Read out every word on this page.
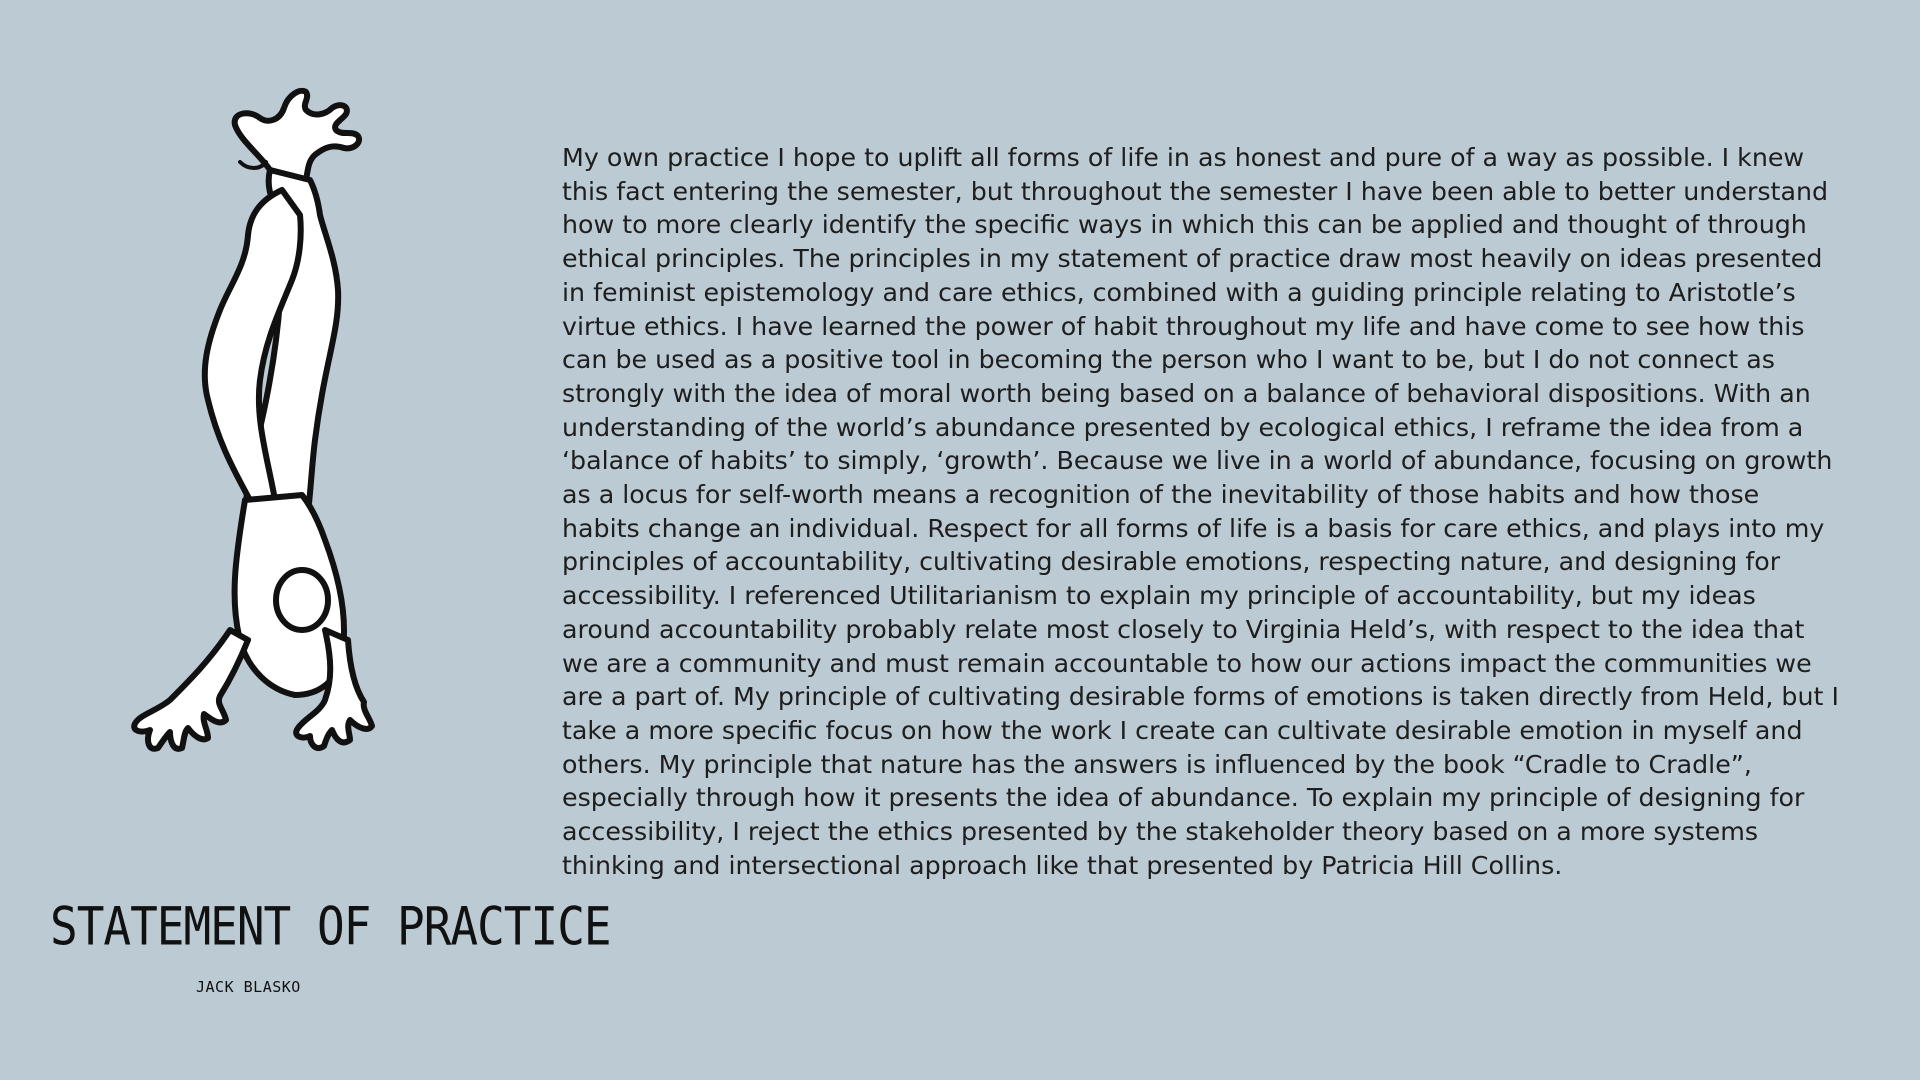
STATEMENT OF PRACTICE
JACK BLASKO

My own practice I hope to uplift all forms of life in as honest and pure of a way as possible. I knew this fact entering the semester, but throughout the semester I have been able to better understand how to more clearly identify the specific ways in which this can be applied and thought of through ethical principles. The principles in my statement of practice draw most heavily on ideas presented in feminist epistemology and care ethics, combined with a guiding principle relating to Aristotle’s virtue ethics. I have learned the power of habit throughout my life and have come to see how this can be used as a positive tool in becoming the person who I want to be, but I do not connect as strongly with the idea of moral worth being based on a balance of behavioral dispositions. With an understanding of the world’s abundance presented by ecological ethics, I reframe the idea from a ‘balance of habits’ to simply, ‘growth’. Because we live in a world of abundance, focusing on growth as a locus for self-worth means a recognition of the inevitability of those habits and how those habits change an individual. Respect for all forms of life is a basis for care ethics, and plays into my principles of accountability, cultivating desirable emotions, respecting nature, and designing for accessibility. I referenced Utilitarianism to explain my principle of accountability, but my ideas around accountability probably relate most closely to Virginia Held’s, with respect to the idea that we are a community and must remain accountable to how our actions impact the communities we are a part of. My principle of cultivating desirable forms of emotions is taken directly from Held, but I take a more specific focus on how the work I create can cultivate desirable emotion in myself and others. My principle that nature has the answers is influenced by the book “Cradle to Cradle”, especially through how it presents the idea of abundance. To explain my principle of designing for accessibility, I reject the ethics presented by the stakeholder theory based on a more systems thinking and intersectional approach like that presented by Patricia Hill Collins.
